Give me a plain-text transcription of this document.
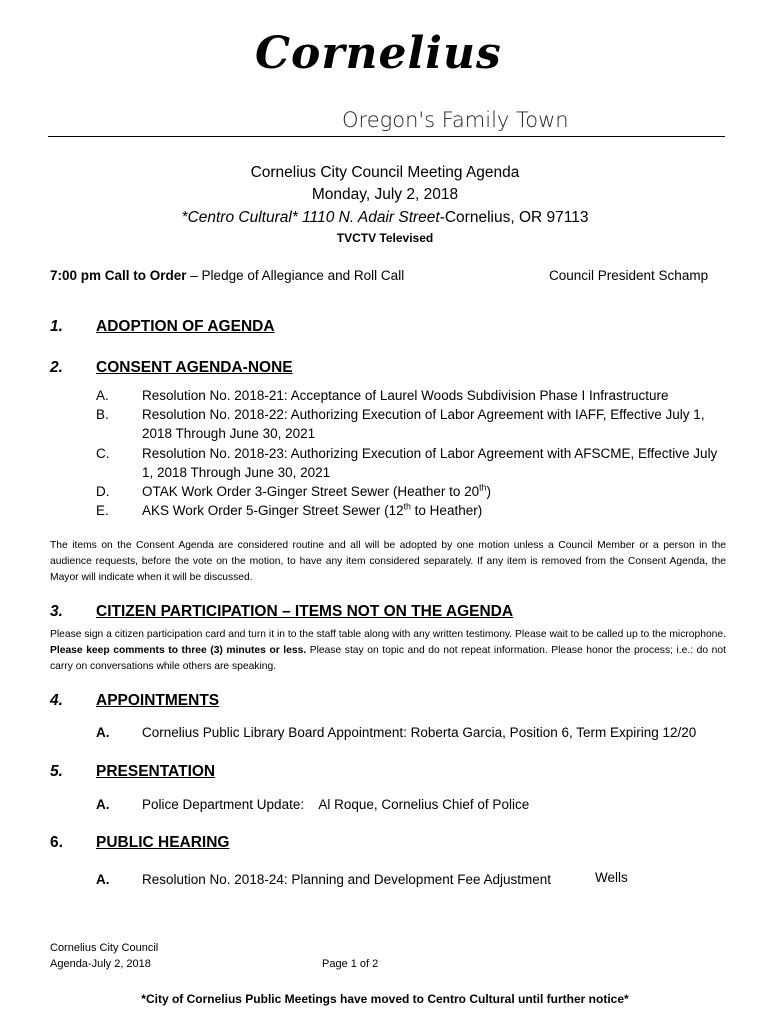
Cornelius
Oregon's Family Town
Cornelius City Council Meeting Agenda
Monday, July 2, 2018
*Centro Cultural* 1110 N. Adair Street-Cornelius, OR 97113
TVCTV Televised
7:00 pm Call to Order – Pledge of Allegiance and Roll Call	Council President Schamp
1. ADOPTION OF AGENDA
2. CONSENT AGENDA-NONE
A. Resolution No. 2018-21: Acceptance of Laurel Woods Subdivision Phase I Infrastructure
B. Resolution No. 2018-22: Authorizing Execution of Labor Agreement with IAFF, Effective July 1, 2018 Through June 30, 2021
C. Resolution No. 2018-23: Authorizing Execution of Labor Agreement with AFSCME, Effective July 1, 2018 Through June 30, 2021
D. OTAK Work Order 3-Ginger Street Sewer (Heather to 20th)
E. AKS Work Order 5-Ginger Street Sewer (12th to Heather)
The items on the Consent Agenda are considered routine and all will be adopted by one motion unless a Council Member or a person in the audience requests, before the vote on the motion, to have any item considered separately. If any item is removed from the Consent Agenda, the Mayor will indicate when it will be discussed.
3. CITIZEN PARTICIPATION – ITEMS NOT ON THE AGENDA
Please sign a citizen participation card and turn it in to the staff table along with any written testimony. Please wait to be called up to the microphone. Please keep comments to three (3) minutes or less. Please stay on topic and do not repeat information. Please honor the process; i.e.: do not carry on conversations while others are speaking.
4. APPOINTMENTS
A. Cornelius Public Library Board Appointment: Roberta Garcia, Position 6, Term Expiring 12/20
5. PRESENTATION
A. Police Department Update:    Al Roque, Cornelius Chief of Police
6. PUBLIC HEARING
A. Resolution No. 2018-24: Planning and Development Fee Adjustment	Wells
Cornelius City Council
Agenda-July 2, 2018	Page 1 of 2
*City of Cornelius Public Meetings have moved to Centro Cultural until further notice*
